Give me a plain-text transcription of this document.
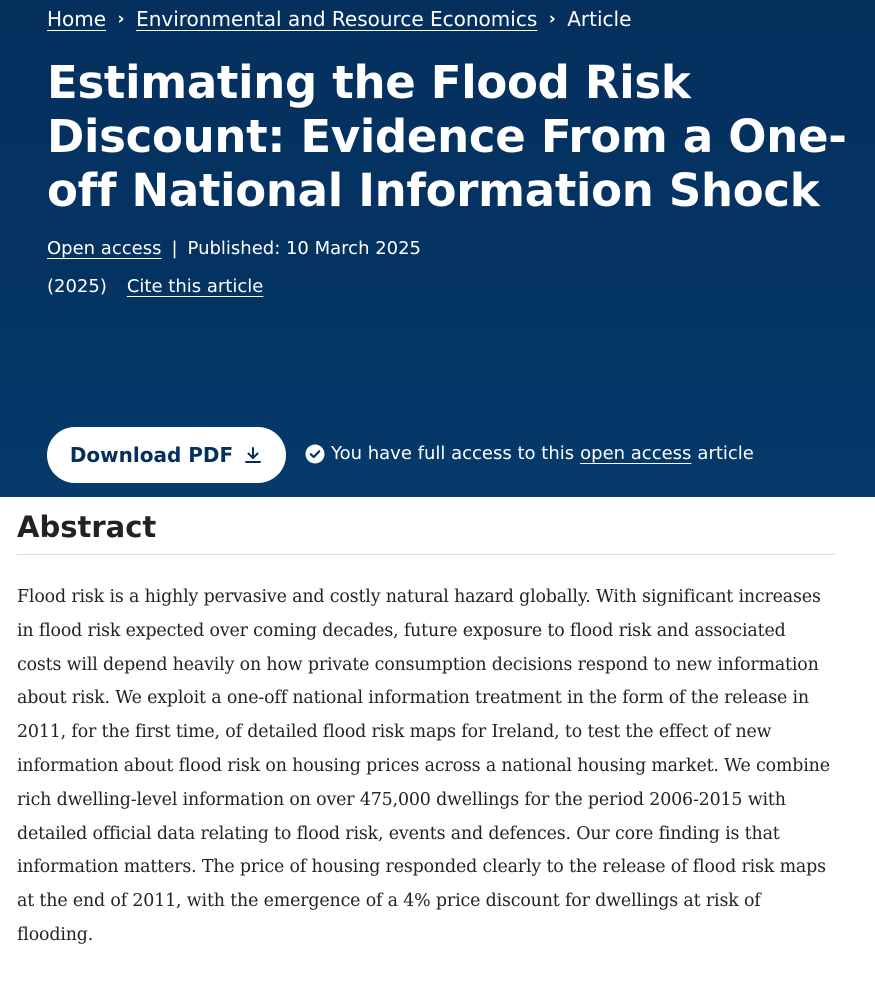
Home › Environmental and Resource Economics › Article
Estimating the Flood Risk Discount: Evidence From a One-off National Information Shock
Open access | Published: 10 March 2025
(2025) Cite this article
Download PDF	You have full access to this open access article
Abstract

Flood risk is a highly pervasive and costly natural hazard globally. With significant increases in flood risk expected over coming decades, future exposure to flood risk and associated costs will depend heavily on how private consumption decisions respond to new information about risk. We exploit a one-off national information treatment in the form of the release in 2011, for the first time, of detailed flood risk maps for Ireland, to test the effect of new information about flood risk on housing prices across a national housing market. We combine rich dwelling-level information on over 475,000 dwellings for the period 2006-2015 with detailed official data relating to flood risk, events and defences. Our core finding is that information matters. The price of housing responded clearly to the release of flood risk maps at the end of 2011, with the emergence of a 4% price discount for dwellings at risk of flooding.
